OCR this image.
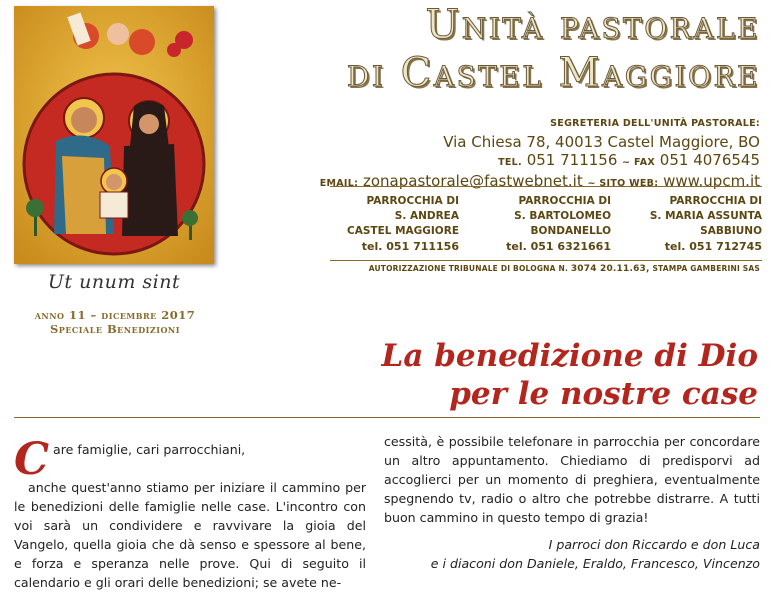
Ut unum sint
anno 11 – dicembre 2017
Speciale Benedizioni
Unità pastorale
di Castel Maggiore
SEGRETERIA DELL'UNITÀ PASTORALE:
Via Chiesa 78, 40013 Castel Maggiore, BO
TEL. 051 711156 ~ FAX 051 4076545
EMAIL: zonapastorale@fastwebnet.it ~ SITO WEB: www.upcm.it
PARROCCHIA DI
S. ANDREA
CASTEL MAGGIORE
tel. 051 711156
PARROCCHIA DI
S. BARTOLOMEO
BONDANELLO
tel. 051 6321661
PARROCCHIA DI
S. MARIA ASSUNTA
SABBIUNO
tel. 051 712745
AUTORIZZAZIONE TRIBUNALE DI BOLOGNA N. 3074 20.11.63, STAMPA GAMBERINI SAS
La benedizione di Dio
per le nostre case

Care famiglie, cari parrocchiani,

anche quest'anno stiamo per iniziare il cammino per le benedizioni delle famiglie nelle case. L'incontro con voi sarà un condividere e ravvivare la gioia del Vangelo, quella gioia che dà senso e spessore al bene, e forza e speranza nelle prove. Qui di seguito il calendario e gli orari delle benedizioni; se avete ne-

cessità, è possibile telefonare in parrocchia per concordare un altro appuntamento. Chiediamo di predisporvi ad accoglierci per un momento di preghiera, eventualmente spegnendo tv, radio o altro che potrebbe distrarre. A tutti buon cammino in questo tempo di grazia!

I parroci don Riccardo e don Luca

e i diaconi don Daniele, Eraldo, Francesco, Vincenzo
